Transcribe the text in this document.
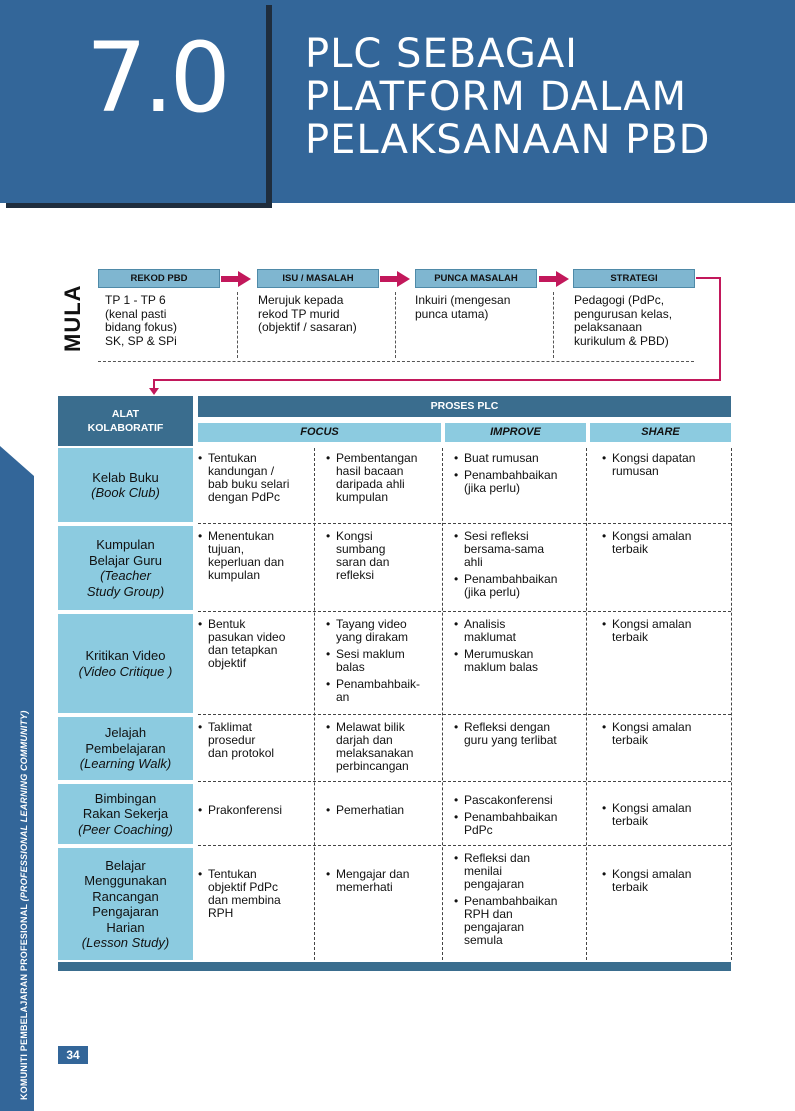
7.0 PLC SEBAGAI
PLATFORM DALAM
PELAKSANAAN PBD
KOMUNITI PEMBELAJARAN PROFESIONAL (PROFESSIONAL LEARNING COMMUNITY)
34
MULA
REKOD PBD	ISU / MASALAH	PUNCA MASALAH	STRATEGI
TP 1 - TP 6
(kenal pasti
bidang fokus)
SK, SP & SPi
Merujuk kepada
rekod TP murid
(objektif / sasaran)
Inkuiri (mengesan
punca utama)
Pedagogi (PdPc,
pengurusan kelas,
pelaksanaan
kurikulum & PBD)
ALAT
KOLABORATIF
PROSES PLC
FOCUS	IMPROVE	SHARE
Kelab Buku
(Book Club)
Kumpulan
Belajar Guru
(Teacher
Study Group)
Kritikan Video
(Video Critique )
Jelajah
Pembelajaran
(Learning Walk)
Bimbingan
Rakan Sekerja
(Peer Coaching)
Belajar
Menggunakan
Rancangan
Pengajaran
Harian
(Lesson Study)
• Tentukan
kandungan /
bab buku selari
dengan PdPc
• Pembentangan
hasil bacaan
daripada ahli
kumpulan
• Buat rumusan
• Penambahbaikan
(jika perlu)
• Kongsi dapatan
rumusan
• Menentukan
tujuan,
keperluan dan
kumpulan
• Kongsi
sumbang
saran dan
refleksi
• Sesi refleksi
bersama-sama
ahli
• Penambahbaikan
(jika perlu)
• Kongsi amalan
terbaik
• Bentuk
pasukan video
dan tetapkan
objektif
• Tayang video
yang dirakam
• Sesi maklum
balas
• Penambahbaik-
an
• Analisis
maklumat
• Merumuskan
maklum balas
• Kongsi amalan
terbaik
• Taklimat
prosedur
dan protokol
• Melawat bilik
darjah dan
melaksanakan
perbincangan
• Refleksi dengan
guru yang terlibat
• Kongsi amalan
terbaik
• Prakonferensi
•	Pemerhatian
• Pascakonferensi
• Penambahbaikan
PdPc
• Kongsi amalan
terbaik
• Tentukan
objektif PdPc
dan membina
RPH
• Mengajar dan
memerhati
• Refleksi dan
menilai
pengajaran
• Penambahbaikan
RPH dan
pengajaran
semula
• Kongsi amalan
terbaik
